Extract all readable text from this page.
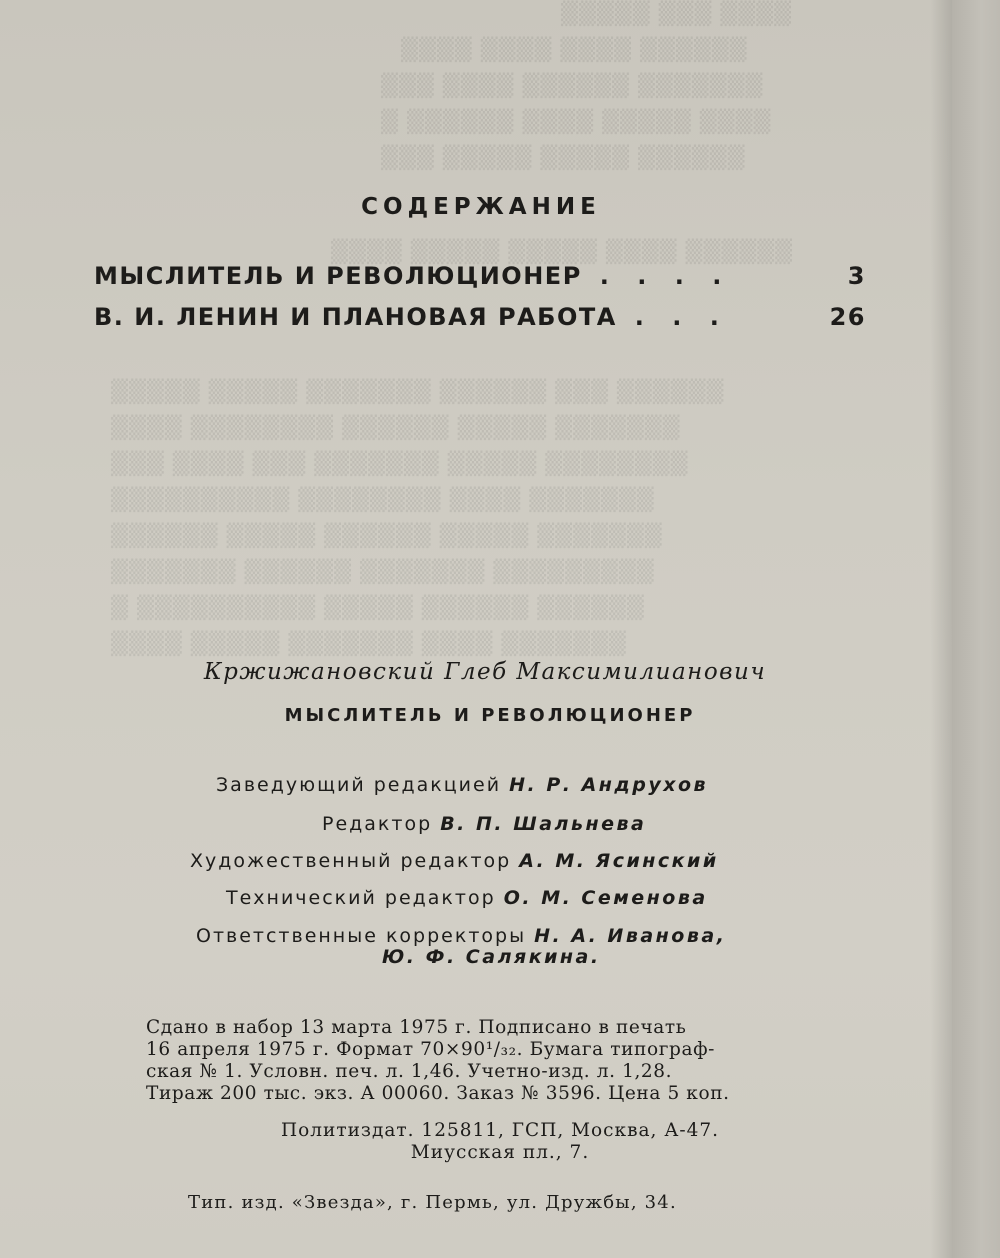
▒▒▒▒ ▒▒▒ ▒▒▒▒▒
▒▒▒▒▒▒ ▒▒▒▒ ▒▒▒▒ ▒▒▒▒
▒▒▒▒▒▒▒ ▒▒▒▒▒▒ ▒▒▒▒ ▒▒▒
▒▒▒▒ ▒▒▒▒▒ ▒▒▒▒ ▒▒▒▒▒▒ ▒
▒▒▒▒▒▒ ▒▒▒▒▒ ▒▒▒▒▒ ▒▒▒
▒▒▒▒▒▒ ▒▒▒▒ ▒▒▒▒▒ ▒▒▒▒▒ ▒▒▒▒
▒▒▒▒▒▒ ▒▒▒ ▒▒▒▒▒▒ ▒▒▒▒▒▒▒ ▒▒▒▒▒ ▒▒▒▒▒
▒▒▒▒▒▒▒ ▒▒▒▒▒ ▒▒▒▒▒▒ ▒▒▒▒▒▒▒▒ ▒▒▒▒
▒▒▒▒▒▒▒▒ ▒▒▒▒▒ ▒▒▒▒▒▒▒ ▒▒▒ ▒▒▒▒ ▒▒▒
▒▒▒▒▒▒▒ ▒▒▒▒ ▒▒▒▒▒▒▒▒ ▒▒▒▒▒▒▒▒▒▒
▒▒▒▒▒▒▒ ▒▒▒▒▒ ▒▒▒▒▒▒ ▒▒▒▒▒ ▒▒▒▒▒▒
▒▒▒▒▒▒▒▒▒ ▒▒▒▒▒▒▒ ▒▒▒▒▒▒ ▒▒▒▒▒▒▒
▒▒▒▒▒▒ ▒▒▒▒▒▒ ▒▒▒▒▒ ▒▒▒▒▒▒▒▒▒▒ ▒
▒▒▒▒▒▒▒ ▒▒▒▒ ▒▒▒▒▒▒▒ ▒▒▒▒▒ ▒▒▒▒
СОДЕРЖАНИЕ
МЫСЛИТЕЛЬ И РЕВОЛЮЦИОНЕР . . . .	3
В. И. ЛЕНИН И ПЛАНОВАЯ РАБОТА . . .	26
Кржижановский Глеб Максимилианович
МЫСЛИТЕЛЬ И РЕВОЛЮЦИОНЕР
Заведующий редакцией Н. Р. Андрухов
Редактор В. П. Шальнева
Художественный редактор А. М. Ясинский
Технический редактор О. М. Семенова
Ответственные корректоры Н. А. Иванова,
Ю. Ф. Салякина.
Сдано в набор 13 марта 1975 г. Подписано в печать
16 апреля 1975 г. Формат 70×90¹/₃₂. Бумага типограф-
ская № 1. Условн. печ. л. 1,46. Учетно-изд. л. 1,28.
Тираж 200 тыс. экз. А 00060. Заказ № 3596. Цена 5 коп.
Политиздат. 125811, ГСП, Москва, А-47.
Миусская пл., 7.
Тип. изд. «Звезда», г. Пермь, ул. Дружбы, 34.
